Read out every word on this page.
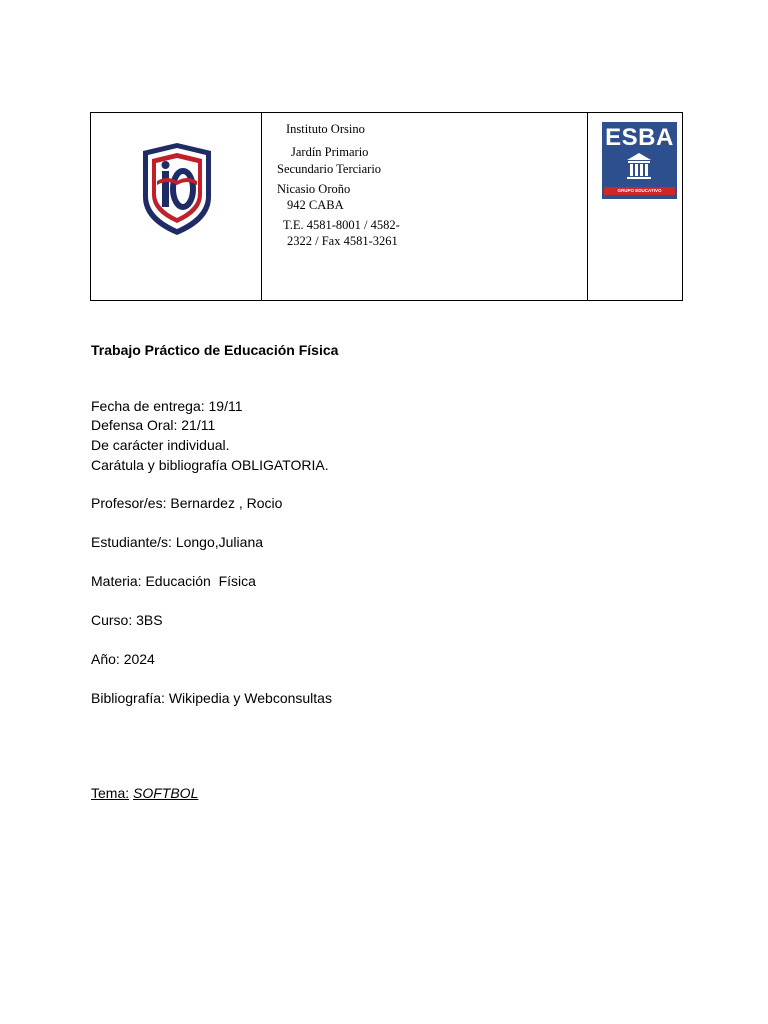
Instituto Orsino
Jardín Primario
Secundario Terciario
Nicasio Oroño
942 CABA
T.E. 4581-8001 / 4582-
2322 / Fax 4581-3261
ESBA
GRUPO EDUCATIVO
Trabajo Práctico de Educación Física
Fecha de entrega: 19/11
Defensa Oral: 21/11
De carácter individual.
Carátula y bibliografía OBLIGATORIA.
Profesor/es: Bernardez , Rocio
Estudiante/s: Longo,Juliana
Materia: Educación  Física
Curso: 3BS
Año: 2024
Bibliografía: Wikipedia y Webconsultas
Tema: SOFTBOL
